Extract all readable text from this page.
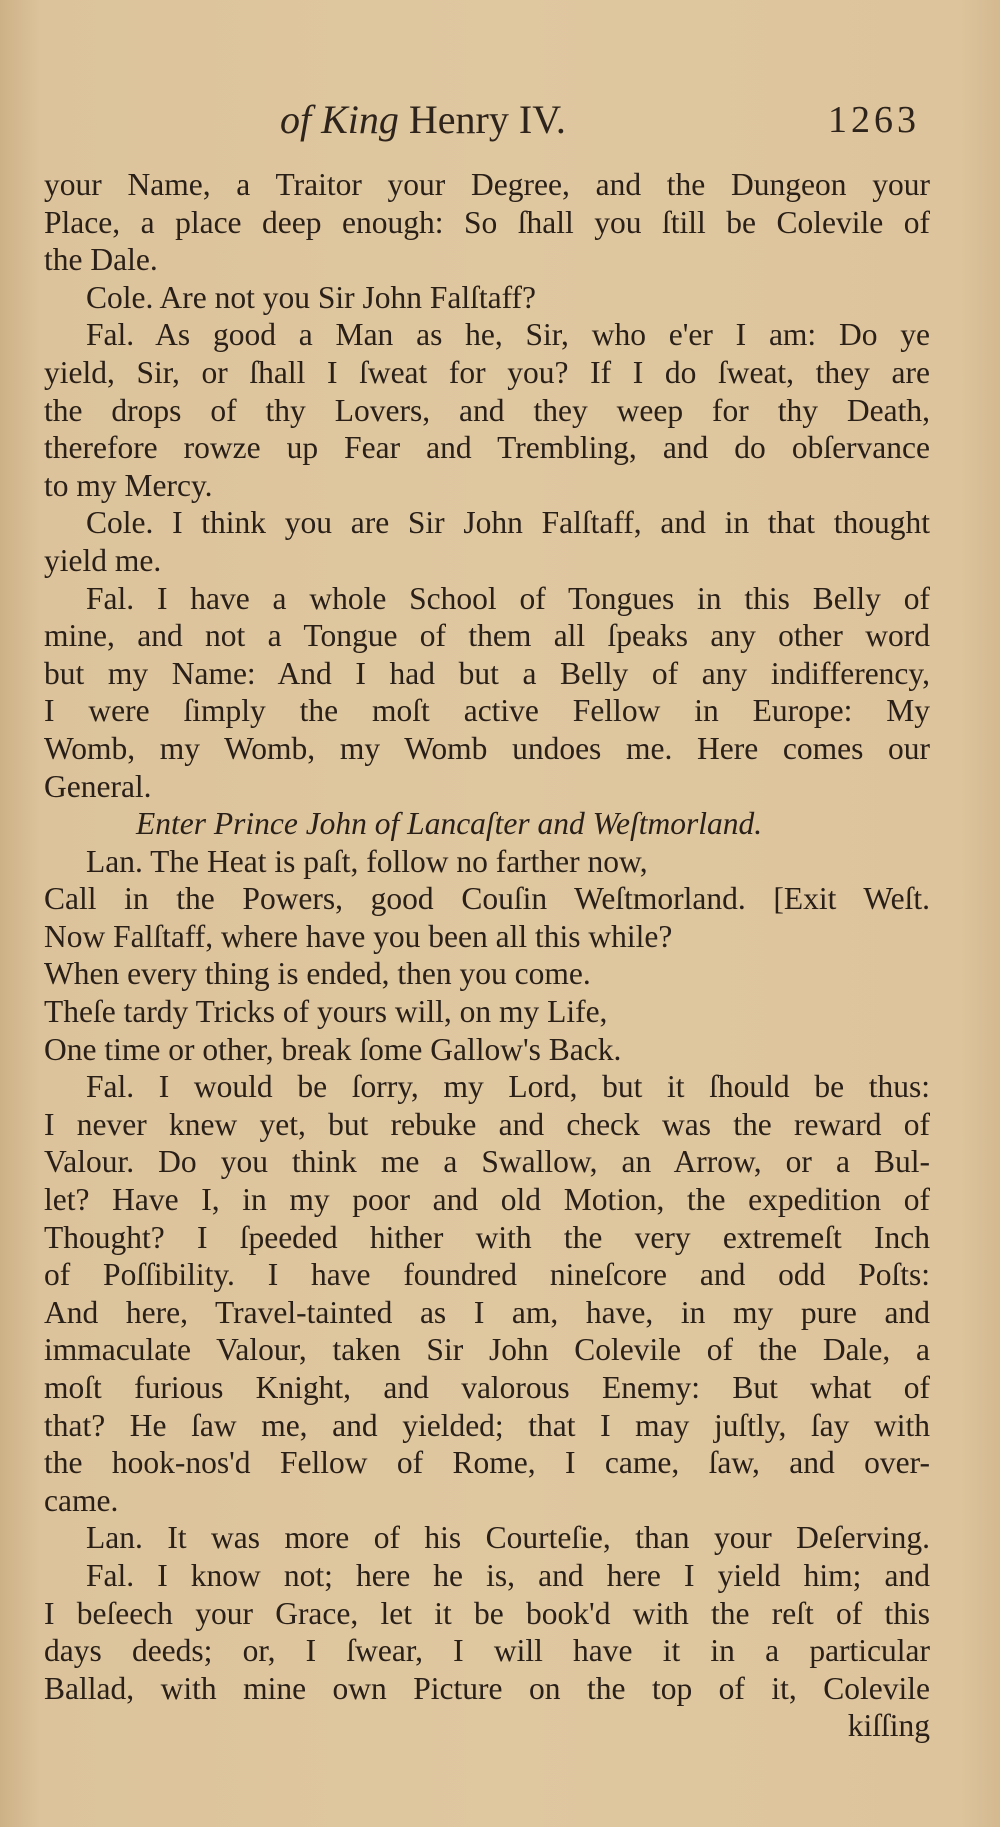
of King Henry IV.	1263
your Name, a Traitor your Degree, and the Dungeon your
Place, a place deep enough: So ſhall you ſtill be Colevile of
the Dale.
Cole. Are not you Sir John Falſtaff?
Fal. As good a Man as he, Sir, who e'er I am: Do ye
yield, Sir, or ſhall I ſweat for you? If I do ſweat, they are
the drops of thy Lovers, and they weep for thy Death,
therefore rowze up Fear and Trembling, and do obſervance
to my Mercy.
Cole. I think you are Sir John Falſtaff, and in that thought
yield me.
Fal. I have a whole School of Tongues in this Belly of
mine, and not a Tongue of them all ſpeaks any other word
but my Name: And I had but a Belly of any indifferency,
I were ſimply the moſt active Fellow in Europe: My
Womb, my Womb, my Womb undoes me. Here comes our
General.
Enter Prince John of Lancaſter and Weſtmorland.
Lan. The Heat is paſt, follow no farther now,
Call in the Powers, good Couſin Weſtmorland. [Exit Weſt.
Now Falſtaff, where have you been all this while?
When every thing is ended, then you come.
Theſe tardy Tricks of yours will, on my Life,
One time or other, break ſome Gallow's Back.
Fal. I would be ſorry, my Lord, but it ſhould be thus:
I never knew yet, but rebuke and check was the reward of
Valour. Do you think me a Swallow, an Arrow, or a Bul-
let? Have I, in my poor and old Motion, the expedition of
Thought? I ſpeeded hither with the very extremeſt Inch
of Poſſibility. I have foundred nineſcore and odd Poſts:
And here, Travel-tainted as I am, have, in my pure and
immaculate Valour, taken Sir John Colevile of the Dale, a
moſt furious Knight, and valorous Enemy: But what of
that? He ſaw me, and yielded; that I may juſtly, ſay with
the hook-nos'd Fellow of Rome, I came, ſaw, and over-
came.
Lan. It was more of his Courteſie, than your Deſerving.
Fal. I know not; here he is, and here I yield him; and
I beſeech your Grace, let it be book'd with the reſt of this
days deeds; or, I ſwear, I will have it in a particular
Ballad, with mine own Picture on the top of it, Colevile
kiſſing
